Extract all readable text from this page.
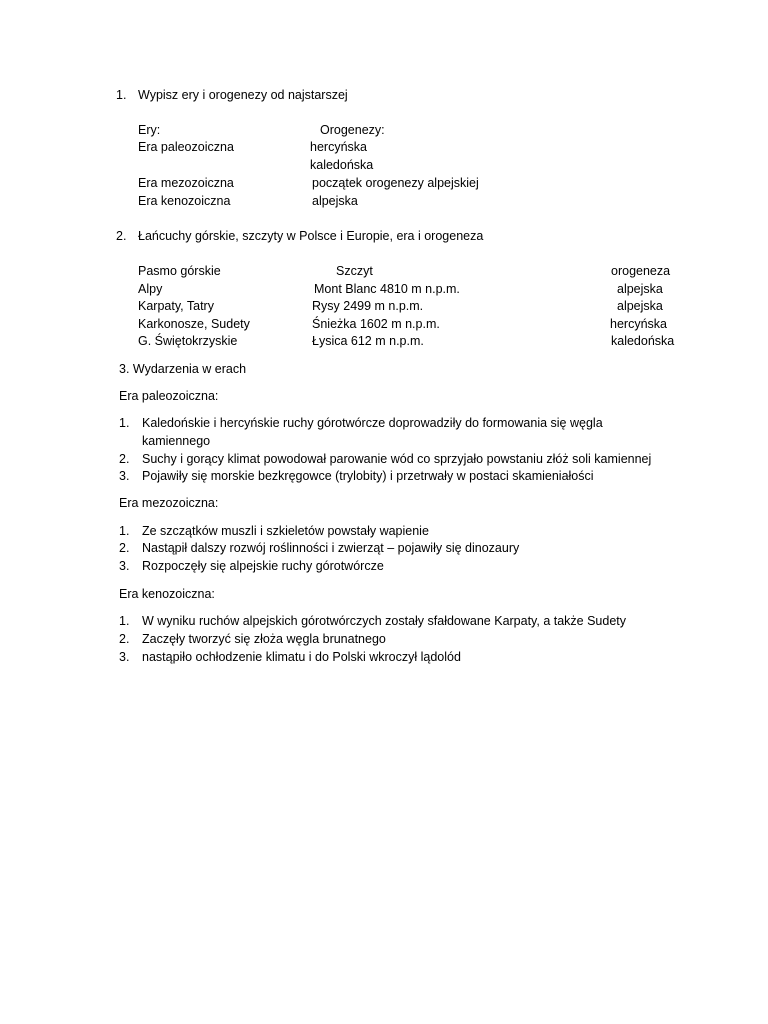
1. Wypisz ery i orogenezy od najstarszej
Ery:	Orogenezy:
Era paleozoiczna	hercyńska
kaledońska
Era mezozoiczna	początek orogenezy alpejskiej
Era kenozoiczna	alpejska
2. Łańcuchy górskie, szczyty w Polsce i Europie, era i orogeneza
Pasmo górskie	Szczyt	orogeneza
Alpy	Mont Blanc 4810 m n.p.m.	alpejska
Karpaty, Tatry	Rysy 2499 m n.p.m.	alpejska
Karkonosze, Sudety	Śnieżka 1602 m n.p.m.	hercyńska
G. Świętokrzyskie	Łysica 612 m n.p.m.	kaledońska
3. Wydarzenia w erach
Era paleozoiczna:
1. Kaledońskie i hercyńskie ruchy górotwórcze doprowadziły do formowania się węgla
kamiennego
2. Suchy i gorący klimat powodował parowanie wód co sprzyjało powstaniu złóż soli kamiennej
3. Pojawiły się morskie bezkręgowce (trylobity) i przetrwały w postaci skamieniałości
Era mezozoiczna:
1. Ze szczątków muszli i szkieletów powstały wapienie
2. Nastąpił dalszy rozwój roślinności i zwierząt – pojawiły się dinozaury
3. Rozpoczęły się alpejskie ruchy górotwórcze
Era kenozoiczna:
1. W wyniku ruchów alpejskich górotwórczych zostały sfałdowane Karpaty, a także Sudety
2. Zaczęły tworzyć się złoża węgla brunatnego
3. nastąpiło ochłodzenie klimatu i do Polski wkroczył lądolód
